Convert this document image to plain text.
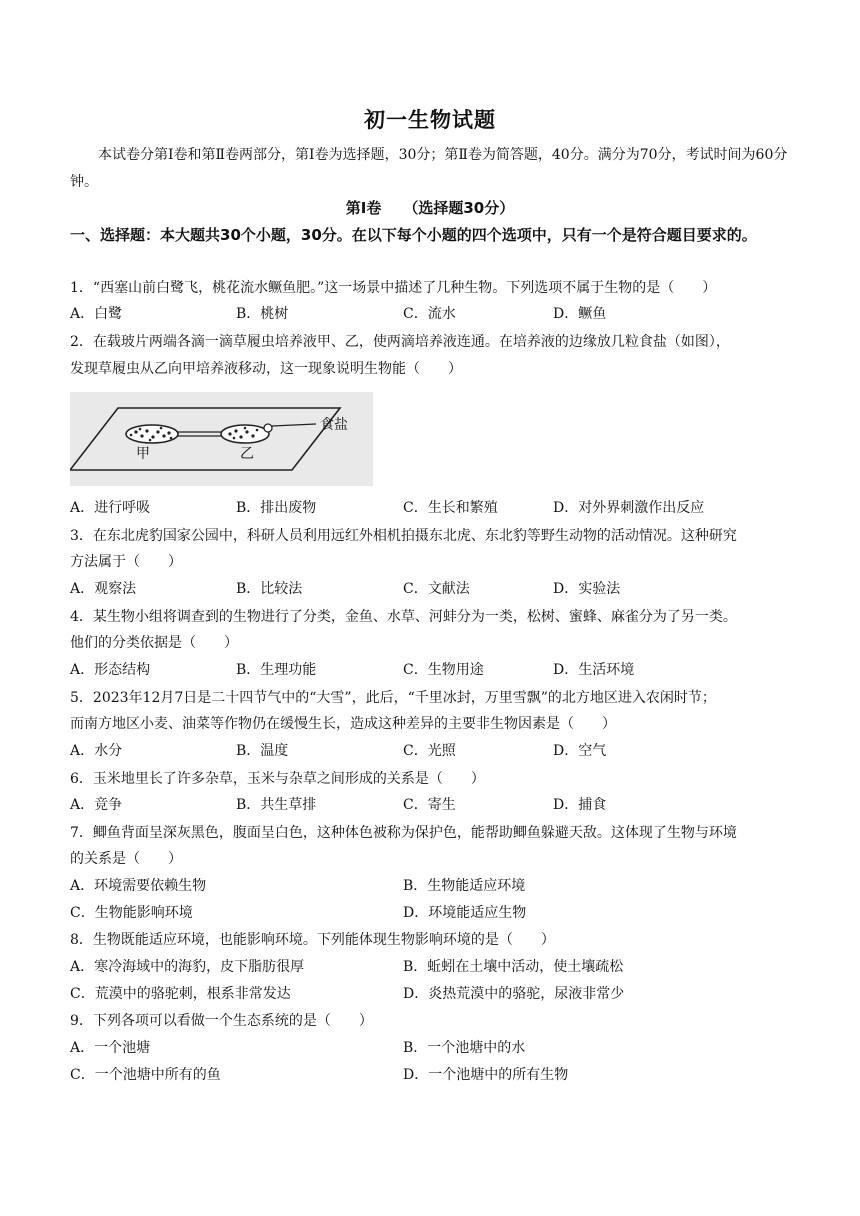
初一生物试题
本试卷分第Ⅰ卷和第Ⅱ卷两部分，第Ⅰ卷为选择题，30分；第Ⅱ卷为简答题，40分。满分为70分，考试时间为60分钟。
第Ⅰ卷 （选择题30分）
一、选择题：本大题共30个小题，30分。在以下每个小题的四个选项中，只有一个是符合题目要求的。
1．“西塞山前白鹭飞，桃花流水鳜鱼肥。”这一场景中描述了几种生物。下列选项不属于生物的是（　　）
A．白鹭	B．桃树	C．流水	D．鳜鱼
2．在载玻片两端各滴一滴草履虫培养液甲、乙，使两滴培养液连通。在培养液的边缘放几粒食盐（如图），
发现草履虫从乙向甲培养液移动，这一现象说明生物能（　　）
甲	乙
食盐
A．进行呼吸	B．排出废物	C．生长和繁殖	D．对外界刺激作出反应
3．在东北虎豹国家公园中，科研人员利用远红外相机拍摄东北虎、东北豹等野生动物的活动情况。这种研究
方法属于（　　）
A．观察法	B．比较法	C．文献法	D．实验法
4．某生物小组将调查到的生物进行了分类，金鱼、水草、河蚌分为一类，松树、蜜蜂、麻雀分为了另一类。
他们的分类依据是（　　）
A．形态结构	B．生理功能	C．生物用途	D．生活环境
5．2023年12月7日是二十四节气中的“大雪”，此后，“千里冰封，万里雪飘”的北方地区进入农闲时节；
而南方地区小麦、油菜等作物仍在缓慢生长，造成这种差异的主要非生物因素是（　　）
A．水分	B．温度	C．光照	D．空气
6．玉米地里长了许多杂草，玉米与杂草之间形成的关系是（　　）
A．竞争	B．共生草排	C．寄生	D．捕食
7．鲫鱼背面呈深灰黑色，腹面呈白色，这种体色被称为保护色，能帮助鲫鱼躲避天敌。这体现了生物与环境
的关系是（　　）
A．环境需要依赖生物	B．生物能适应环境
C．生物能影响环境	D．环境能适应生物
8．生物既能适应环境，也能影响环境。下列能体现生物影响环境的是（　　）
A．寒冷海域中的海豹，皮下脂肪很厚	B．蚯蚓在土壤中活动，使土壤疏松
C．荒漠中的骆驼刺，根系非常发达	D．炎热荒漠中的骆驼，尿液非常少
9．下列各项可以看做一个生态系统的是（　　）
A．一个池塘	B．一个池塘中的水
C．一个池塘中所有的鱼	D．一个池塘中的所有生物
